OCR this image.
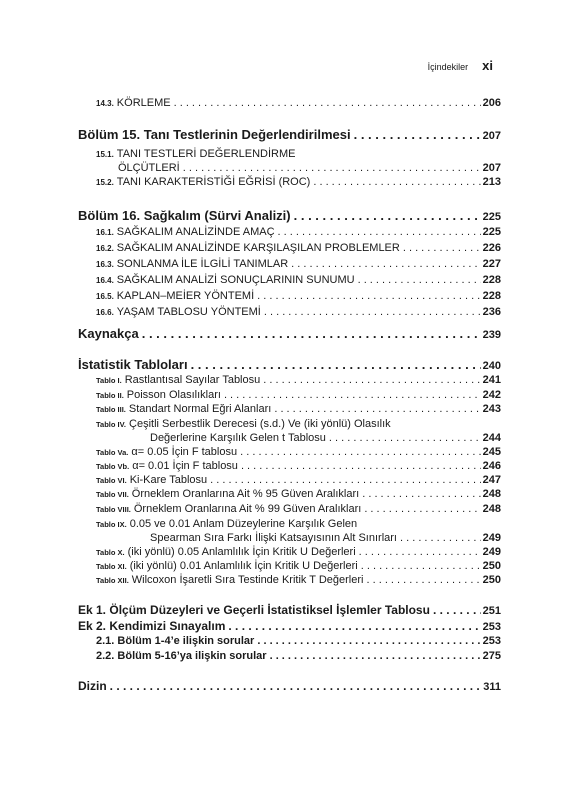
İçindekiler xi
14.3. KÖRLEME . . .	206
Bölüm 15. Tanı Testlerinin Değerlendirilmesi . . .	207
15.1. TANI TESTLERİ DEĞERLENDİRME
ÖLÇÜTLERİ . . .	207
15.2. TANI KARAKTERİSTİĞİ EĞRİSİ (ROC) . . .	213
Bölüm 16. Sağkalım (Sürvi Analizi) . . .	225
16.1. SAĞKALIM ANALİZİNDE AMAÇ . . .	225
16.2. SAĞKALIM ANALİZİNDE KARŞILAŞILAN PROBLEMLER . . .	226
16.3. SONLANMA İLE İLGİLİ TANIMLAR . . .	227
16.4. SAĞKALIM ANALİZİ SONUÇLARININ SUNUMU . . .	228
16.5. KAPLAN–MEİER YÖNTEMİ . . .	228
16.6. YAŞAM TABLOSU YÖNTEMİ . . .	236
Kaynakça . . .	239
İstatistik Tabloları . . .	240
Tablo I. Rastlantısal Sayılar Tablosu . . .	241
Tablo II. Poisson Olasılıkları . . .	242
Tablo III. Standart Normal Eğri Alanları . . .	243
Tablo IV. Çeşitli Serbestlik Derecesi (s.d.) Ve (iki yönlü) Olasılık
Değerlerine Karşılık Gelen t Tablosu . . .	244
Tablo Va. α= 0.05 İçin F tablosu . . .	245
Tablo Vb. α= 0.01 İçin F tablosu . . .	246
Tablo VI. Ki-Kare Tablosu . . .	247
Tablo VII. Örneklem Oranlarına Ait % 95 Güven Aralıkları . . .	248
Tablo VIII. Örneklem Oranlarına Ait % 99 Güven Aralıkları . . .	248
Tablo IX. 0.05 ve 0.01 Anlam Düzeylerine Karşılık Gelen
Spearman Sıra Farkı İlişki Katsayısının Alt Sınırları . . .	249
Tablo X. (iki yönlü) 0.05 Anlamlılık İçin Kritik U Değerleri . . .	249
Tablo XI. (iki yönlü) 0.01 Anlamlılık İçin Kritik U Değerleri . . .	250
Tablo XII. Wilcoxon İşaretli Sıra Testinde Kritik T Değerleri . . .	250
Ek 1. Ölçüm Düzeyleri ve Geçerli İstatistiksel İşlemler Tablosu . . .	251
Ek 2. Kendimizi Sınayalım . . .	253
2.1. Bölüm 1-4’e ilişkin sorular . . .	253
2.2. Bölüm 5-16’ya ilişkin sorular . . .	275
Dizin . . .	311
